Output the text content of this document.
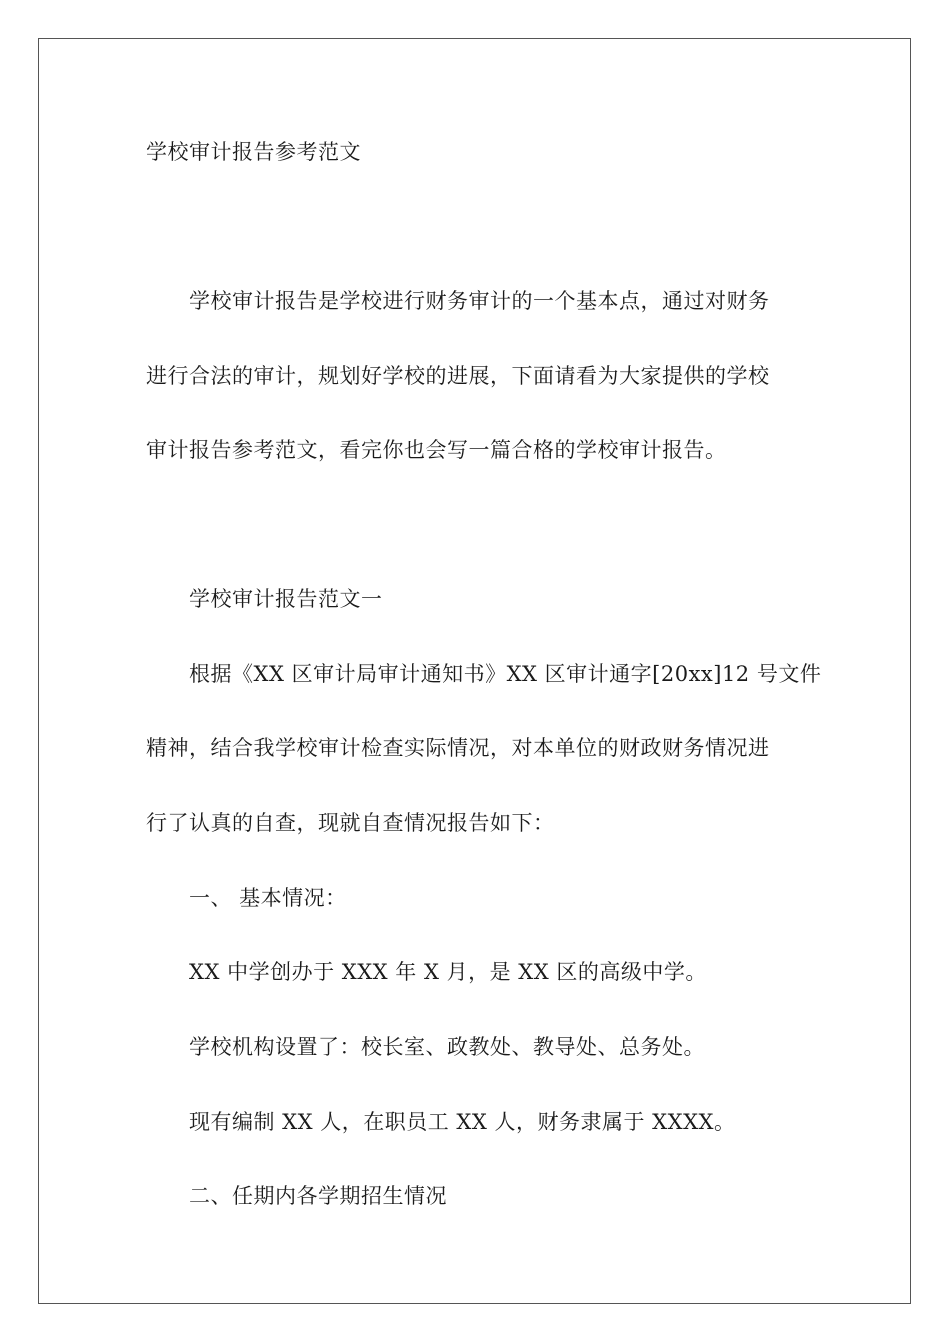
学校审计报告参考范文
学校审计报告是学校进行财务审计的一个基本点，通过对财务
进行合法的审计，规划好学校的进展，下面请看为大家提供的学校
审计报告参考范文，看完你也会写一篇合格的学校审计报告。
学校审计报告范文一
根据《XX 区审计局审计通知书》XX 区审计通字[20xx]12 号文件
精神，结合我学校审计检查实际情况，对本单位的财政财务情况进
行了认真的自查，现就自查情况报告如下：
一、 基本情况：
XX 中学创办于 XXX 年 X 月，是 XX 区的高级中学。
学校机构设置了：校长室、政教处、教导处、总务处。
现有编制 XX 人，在职员工 XX 人，财务隶属于 XXXX。
二、任期内各学期招生情况
